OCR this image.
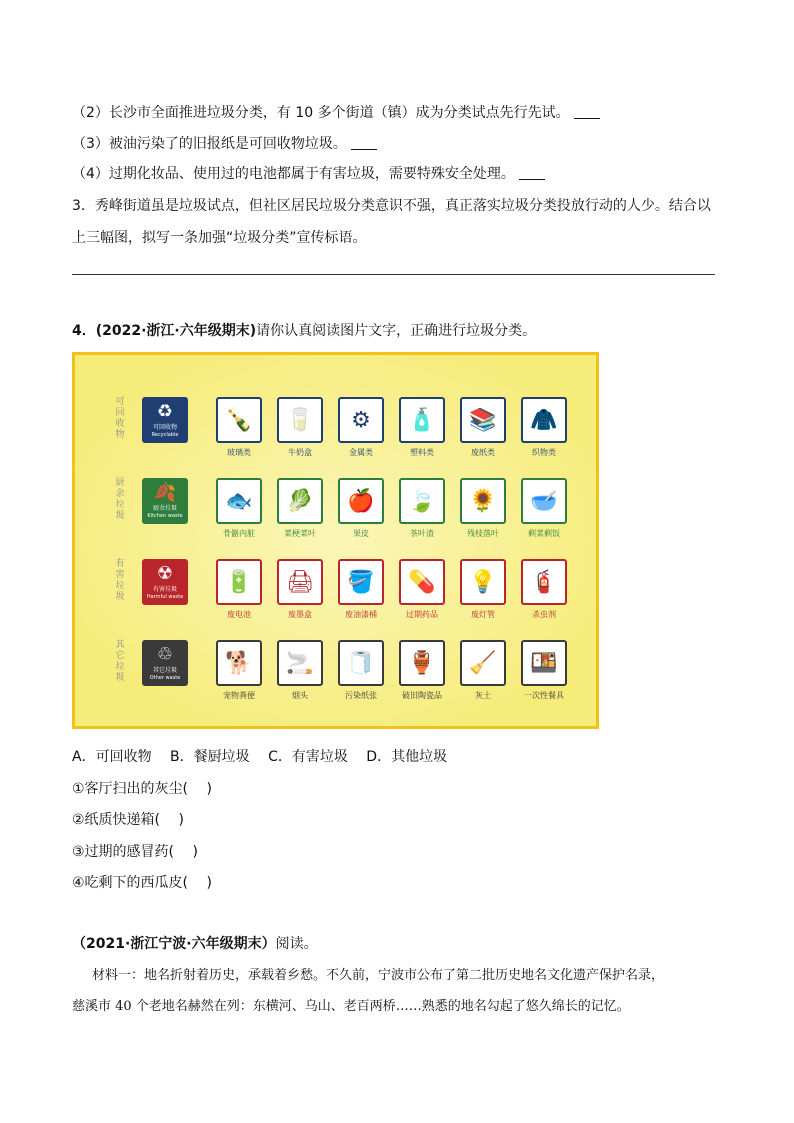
（2）长沙市全面推进垃圾分类，有 10 多个街道（镇）成为分类试点先行先试。
（3）被油污染了的旧报纸是可回收物垃圾。
（4）过期化妆品、使用过的电池都属于有害垃圾，需要特殊安全处理。
3．秀峰街道虽是垃圾试点，但社区居民垃圾分类意识不强，真正落实垃圾分类投放行动的人少。结合以
上三幅图，拟写一条加强“垃圾分类”宣传标语。
4．(2022·浙江·六年级期末)请你认真阅读图片文字，正确进行垃圾分类。
可回收物
♻
可回收物
Recyclable
🍾
玻璃类
🥛
牛奶盒
⚙
金属类
🧴
塑料类
📚
废纸类
🧥
织物类
厨余垃圾
🍂
厨余垃圾
Kitchen waste
🐟
骨骼内脏
🥬
菜梗菜叶
🍎
果皮
🍃
茶叶渣
🌻
残枝落叶
🥣
剩菜剩饭
有害垃圾
☢
有害垃圾
Harmful waste
🔋
废电池
🖨
废墨盒
🪣
废油漆桶
💊
过期药品
💡
废灯管
🧯
杀虫剂
其它垃圾
♲
其它垃圾
Other waste
🐕
宠物粪便
🚬
烟头
🧻
污染纸张
🏺
破旧陶瓷品
🧹
灰土
🍱
一次性餐具
A．可回收物　 B．餐厨垃圾　 C．有害垃圾　 D．其他垃圾
①客厅扫出的灰尘(　 )
②纸质快递箱(　 )
③过期的感冒药(　 )
④吃剩下的西瓜皮(　 )
（2021·浙江宁波·六年级期末）阅读。
材料一：地名折射着历史，承载着乡愁。不久前，宁波市公布了第二批历史地名文化遗产保护名录，
慈溪市 40 个老地名赫然在列：东横河、乌山、老百两桥……熟悉的地名勾起了悠久绵长的记忆。
